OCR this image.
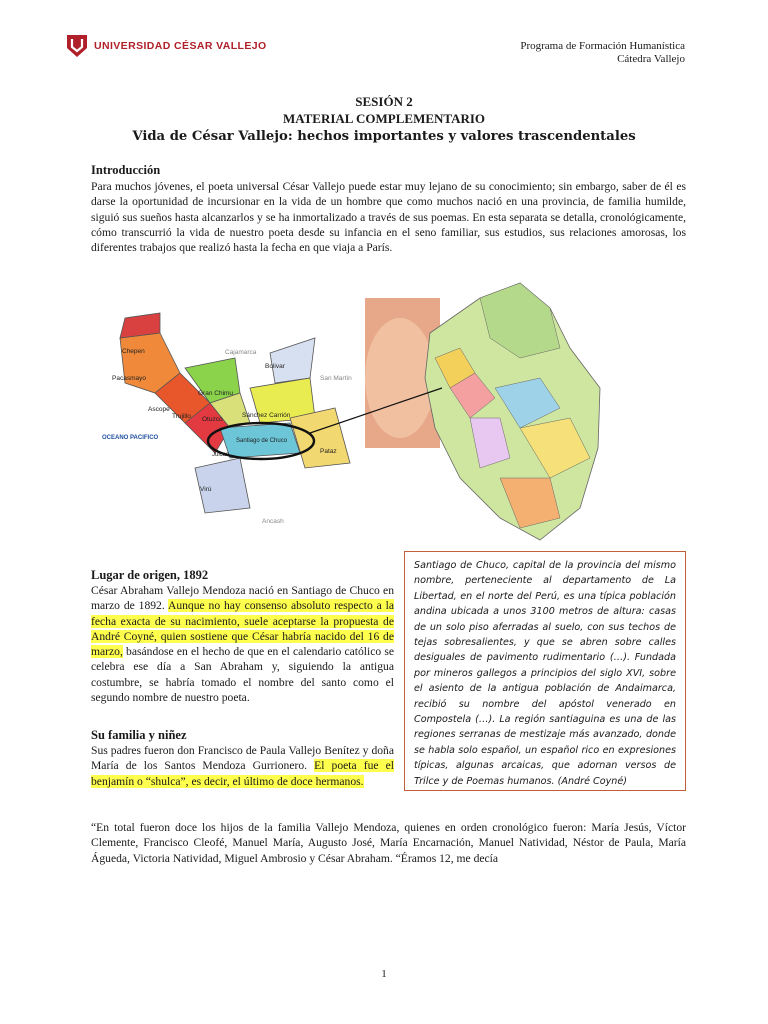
UNIVERSIDAD CÉSAR VALLEJO	Programa de Formación Humanística
Cátedra Vallejo
SESIÓN 2
MATERIAL COMPLEMENTARIO
Vida de César Vallejo: hechos importantes y valores trascendentales
Introducción
Para muchos jóvenes, el poeta universal César Vallejo puede estar muy lejano de su conocimiento; sin embargo, saber de él es darse la oportunidad de incursionar en la vida de un hombre que como muchos nació en una provincia, de familia humilde, siguió sus sueños hasta alcanzarlos y se ha inmortalizado a través de sus poemas. En esta separata se detalla, cronológicamente, cómo transcurrió la vida de nuestro poeta desde su infancia en el seno familiar, sus estudios, sus relaciones amorosas, los diferentes trabajos que realizó hasta la fecha en que viaja a París.
Chepen
Pacasmayo
Ascope
Trujillo
Gran Chimu
Otuzco
Bolivar
Sánchez Carrión
Santiago de Chuco
Julcan
Virú
Pataz
Cajamarca
San Martín
OCEANO PACIFICO
Ancash
Lugar de origen, 1892
César Abraham Vallejo Mendoza nació en Santiago de Chuco en marzo de 1892. Aunque no hay consenso absoluto respecto a la fecha exacta de su nacimiento, suele aceptarse la propuesta de André Coyné, quien sostiene que César habría nacido del 16 de marzo, basándose en el hecho de que en el calendario católico se celebra ese día a San Abraham y, siguiendo la antigua costumbre, se habría tomado el nombre del santo como el segundo nombre de nuestro poeta.
Su familia y niñez
Sus padres fueron don Francisco de Paula Vallejo Benítez y doña María de los Santos Mendoza Gurrionero. El poeta fue el benjamín o “shulca”, es decir, el último de doce hermanos.
Santiago de Chuco, capital de la provincia del mismo nombre, perteneciente al departamento de La Libertad, en el norte del Perú, es una típica población andina ubicada a unos 3100 metros de altura: casas de un solo piso aferradas al suelo, con sus techos de tejas sobresalientes, y que se abren sobre calles desiguales de pavimento rudimentario (…). Fundada por mineros gallegos a principios del siglo XVI, sobre el asiento de la antigua población de Andaimarca, recibió su nombre del apóstol venerado en Compostela (…). La región santiaguina es una de las regiones serranas de mestizaje más avanzado, donde se habla solo español, un español rico en expresiones típicas, algunas arcaicas, que adornan versos de Trilce y de Poemas humanos. (André Coyné)
“En total fueron doce los hijos de la familia Vallejo Mendoza, quienes en orden cronológico fueron: María Jesús, Víctor Clemente, Francisco Cleofé, Manuel María, Augusto José, María Encarnación, Manuel Natividad, Néstor de Paula, María Águeda, Victoria Natividad, Miguel Ambrosio y César Abraham. “Éramos 12, me decía
1
